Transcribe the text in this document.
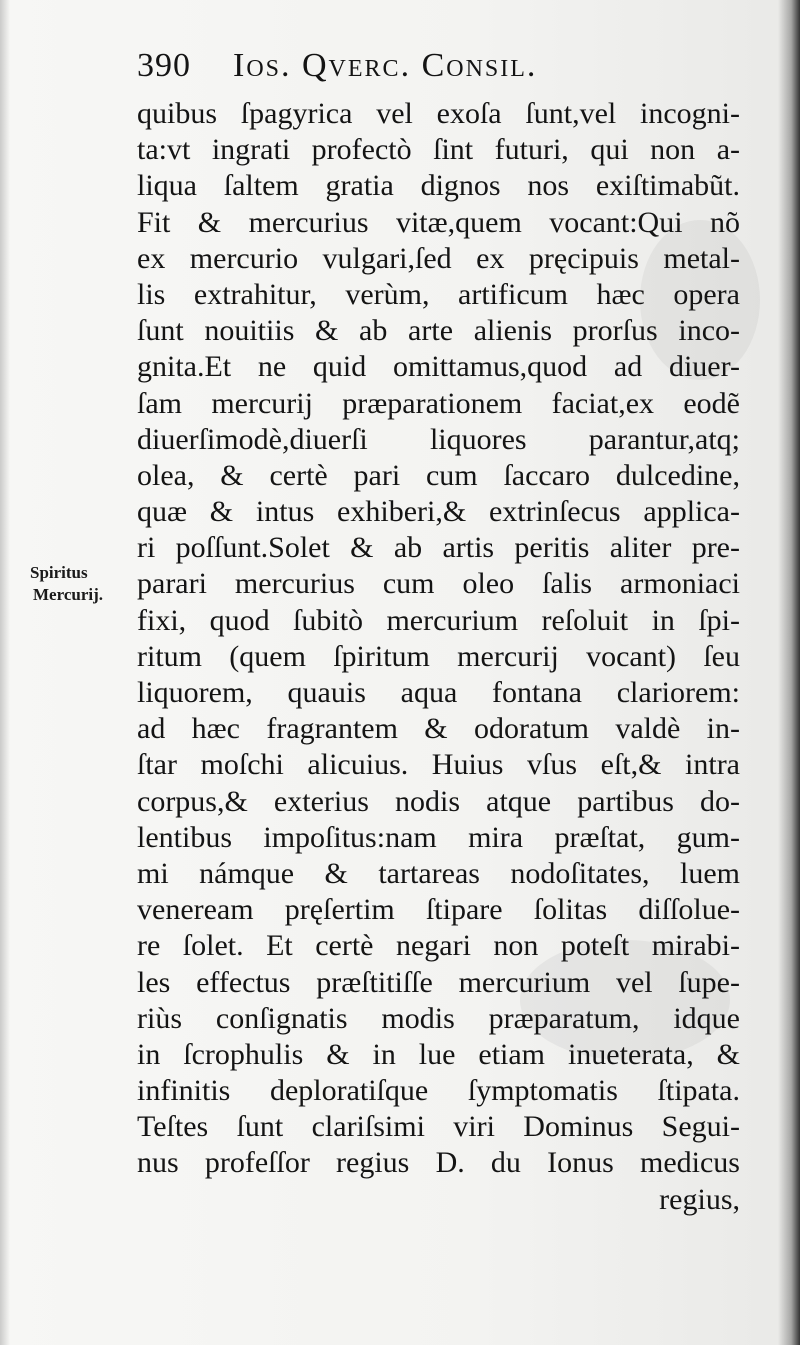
390 Ios. Qverc. Consil.
Spiritus
Mercurij.
quibus ſpagyrica vel exoſa ſunt,vel incogni-
ta:vt ingrati profectò ſint futuri, qui non a-
liqua ſaltem gratia dignos nos exiſtimabũt.
Fit & mercurius vitæ,quem vocant:Qui nõ
ex mercurio vulgari,ſed ex pręcipuis metal-
lis extrahitur, verùm, artificum hæc opera
ſunt nouitiis & ab arte alienis prorſus inco-
gnita.Et ne quid omittamus,quod ad diuer-
ſam mercurij præparationem faciat,ex eodẽ
diuerſimodè,diuerſi liquores parantur,atq;
olea, & certè pari cum ſaccaro dulcedine,
quæ & intus exhiberi,& extrinſecus applica-
ri poſſunt.Solet & ab artis peritis aliter pre-
parari mercurius cum oleo ſalis armoniaci
fixi, quod ſubitò mercurium reſoluit in ſpi-
ritum (quem ſpiritum mercurij vocant) ſeu
liquorem, quauis aqua fontana clariorem:
ad hæc fragrantem & odoratum valdè in-
ſtar moſchi alicuius. Huius vſus eſt,& intra
corpus,& exterius nodis atque partibus do-
lentibus impoſitus:nam mira præſtat, gum-
mi námque & tartareas nodoſitates, luem
veneream pręſertim ſtipare ſolitas diſſolue-
re ſolet. Et certè negari non poteſt mirabi-
les effectus præſtitiſſe mercurium vel ſupe-
riùs conſignatis modis præparatum, idque
in ſcrophulis & in lue etiam inueterata, &
infinitis deploratiſque ſymptomatis ſtipata.
Teſtes ſunt clariſsimi viri Dominus Segui-
nus profeſſor regius D. du Ionus medicus
regius,
